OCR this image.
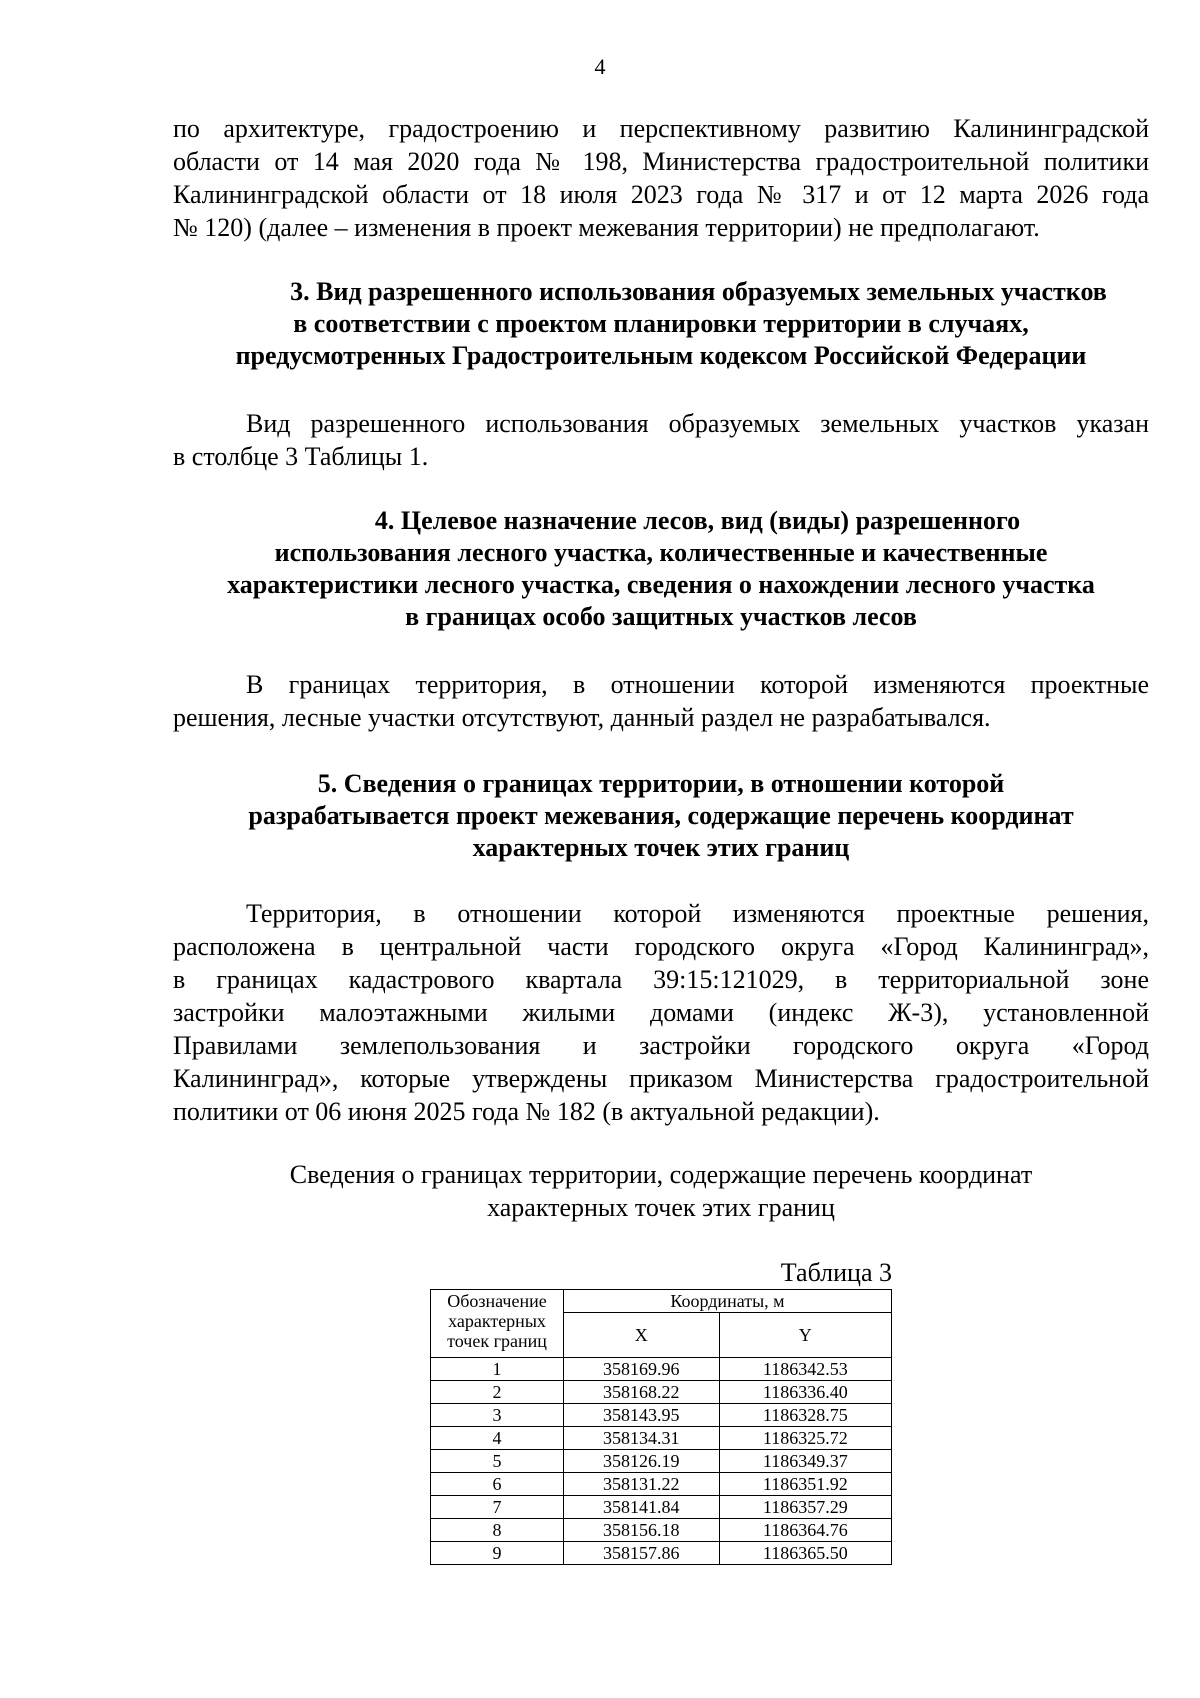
4
по архитектуре, градостроению и перспективному развитию Калининградской
области от 14 мая 2020 года № 198, Министерства градостроительной политики
Калининградской области от 18 июля 2023 года № 317 и от 12 марта 2026 года
№ 120) (далее – изменения в проект межевания территории) не предполагают.
3. Вид разрешенного использования образуемых земельных участков
в соответствии с проектом планировки территории в случаях,
предусмотренных Градостроительным кодексом Российской Федерации
Вид разрешенного использования образуемых земельных участков указан
в столбце 3 Таблицы 1.
4. Целевое назначение лесов, вид (виды) разрешенного
использования лесного участка, количественные и качественные
характеристики лесного участка, сведения о нахождении лесного участка
в границах особо защитных участков лесов
В границах территория, в отношении которой изменяются проектные
решения, лесные участки отсутствуют, данный раздел не разрабатывался.
5. Сведения о границах территории, в отношении которой
разрабатывается проект межевания, содержащие перечень координат
характерных точек этих границ
Территория, в отношении которой изменяются проектные решения,
расположена в центральной части городского округа «Город Калининград»,
в границах кадастрового квартала 39:15:121029, в территориальной зоне
застройки малоэтажными жилыми домами (индекс Ж-3), установленной
Правилами землепользования и застройки городского округа «Город
Калининград», которые утверждены приказом Министерства градостроительной
политики от 06 июня 2025 года № 182 (в актуальной редакции).
Сведения о границах территории, содержащие перечень координат
характерных точек этих границ
Таблица 3
Обозначение
характерных
точек границ	Координаты, м	
	X	Y
1	358169.96	1186342.53
2	358168.22	1186336.40
3	358143.95	1186328.75
4	358134.31	1186325.72
5	358126.19	1186349.37
6	358131.22	1186351.92
7	358141.84	1186357.29
8	358156.18	1186364.76
9	358157.86	1186365.50
